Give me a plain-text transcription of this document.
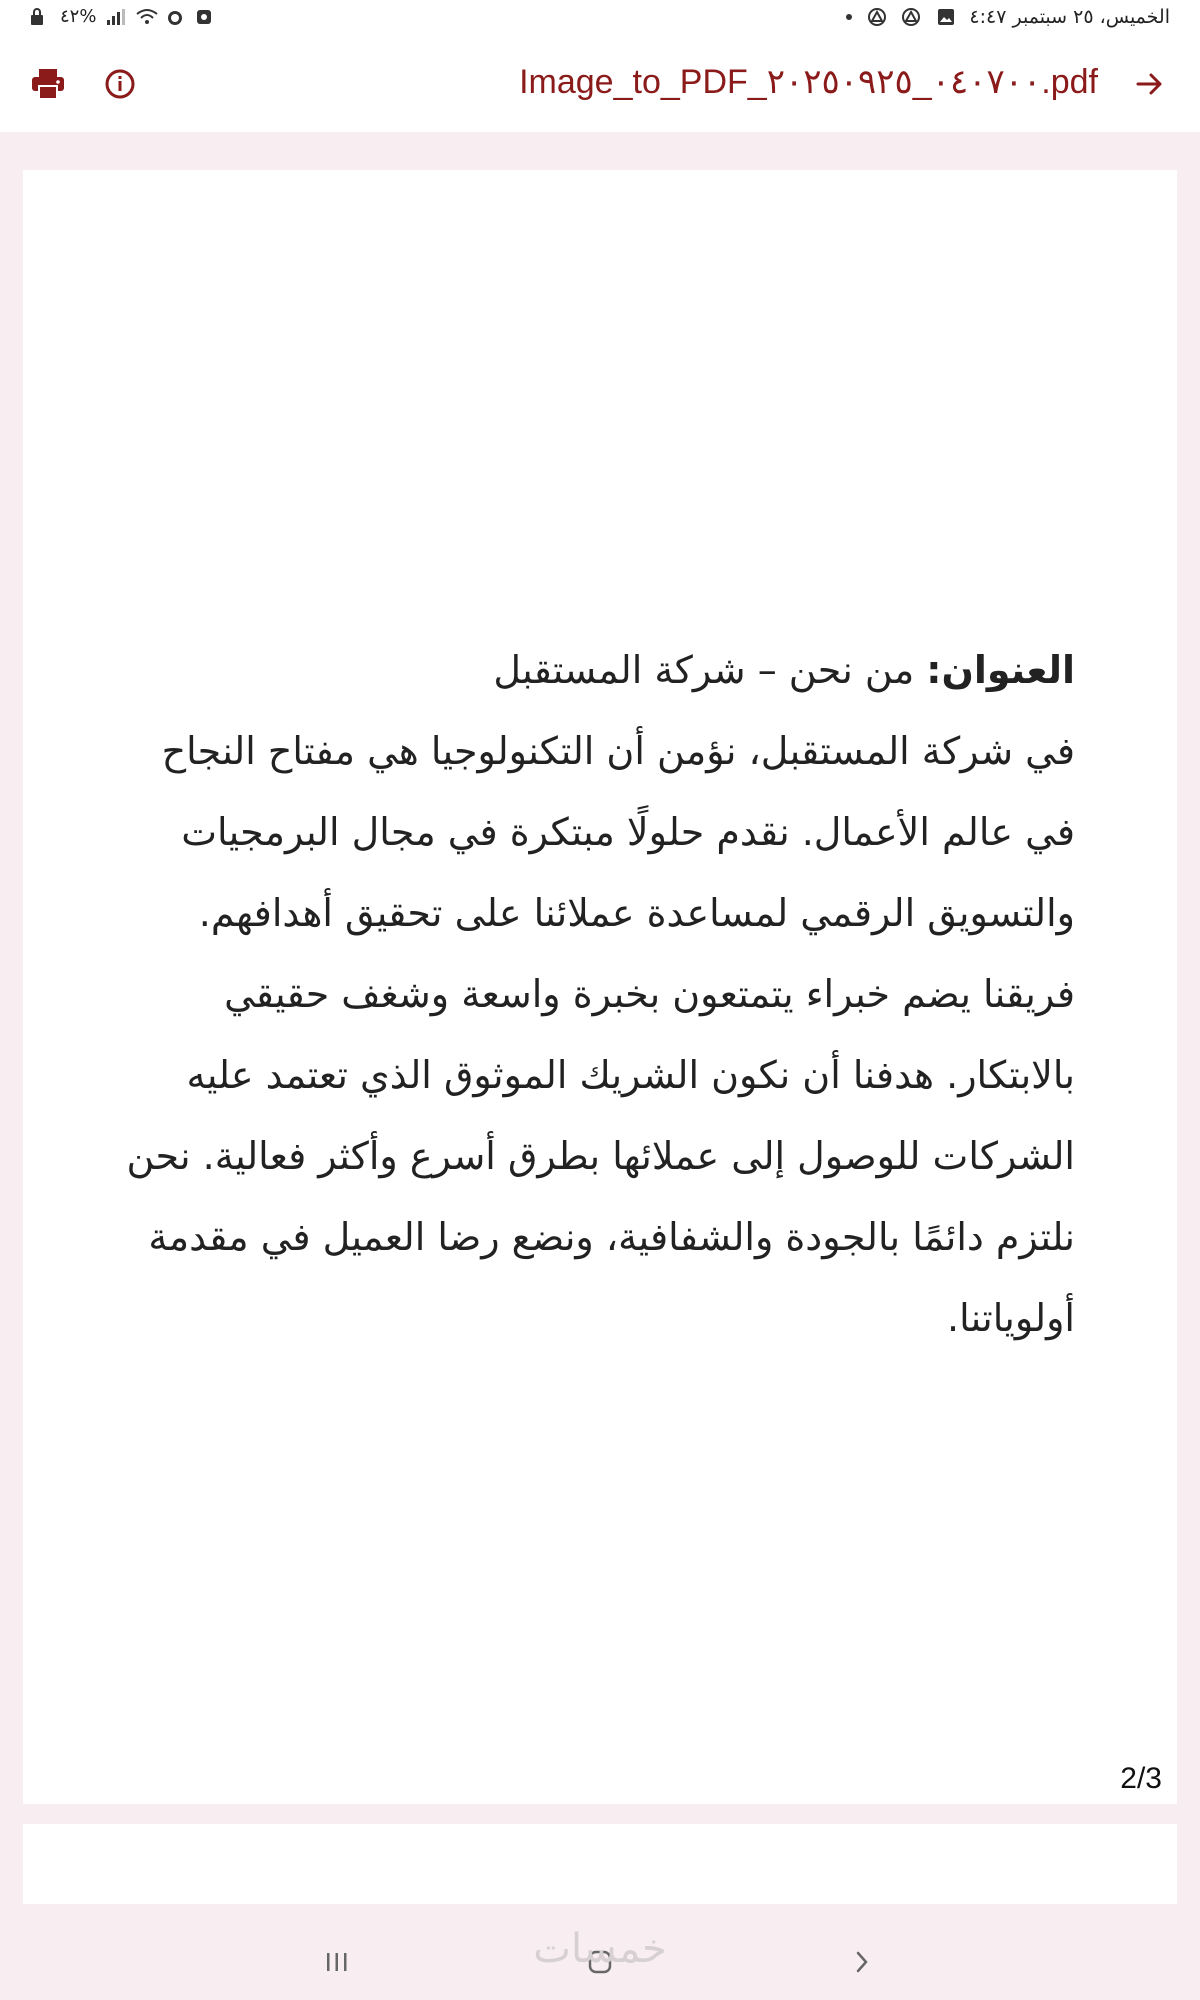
٤٢%	الخميس، ٢٥ سبتمبر ٤:٤٧
Image_to_PDF_٠٤٠٧٠٠_٢٠٢٥٠٩٢٥.pdf
العنوان: من نحن – شركة المستقبل
في شركة المستقبل، نؤمن أن التكنولوجيا هي مفتاح النجاح في عالم الأعمال. نقدم حلولًا مبتكرة في مجال البرمجيات والتسويق الرقمي لمساعدة عملائنا على تحقيق أهدافهم. فريقنا يضم خبراء يتمتعون بخبرة واسعة وشغف حقيقي بالابتكار. هدفنا أن نكون الشريك الموثوق الذي تعتمد عليه الشركات للوصول إلى عملائها بطرق أسرع وأكثر فعالية. نحن نلتزم دائمًا بالجودة والشفافية، ونضع رضا العميل في مقدمة أولوياتنا.
2/3
خمسات
